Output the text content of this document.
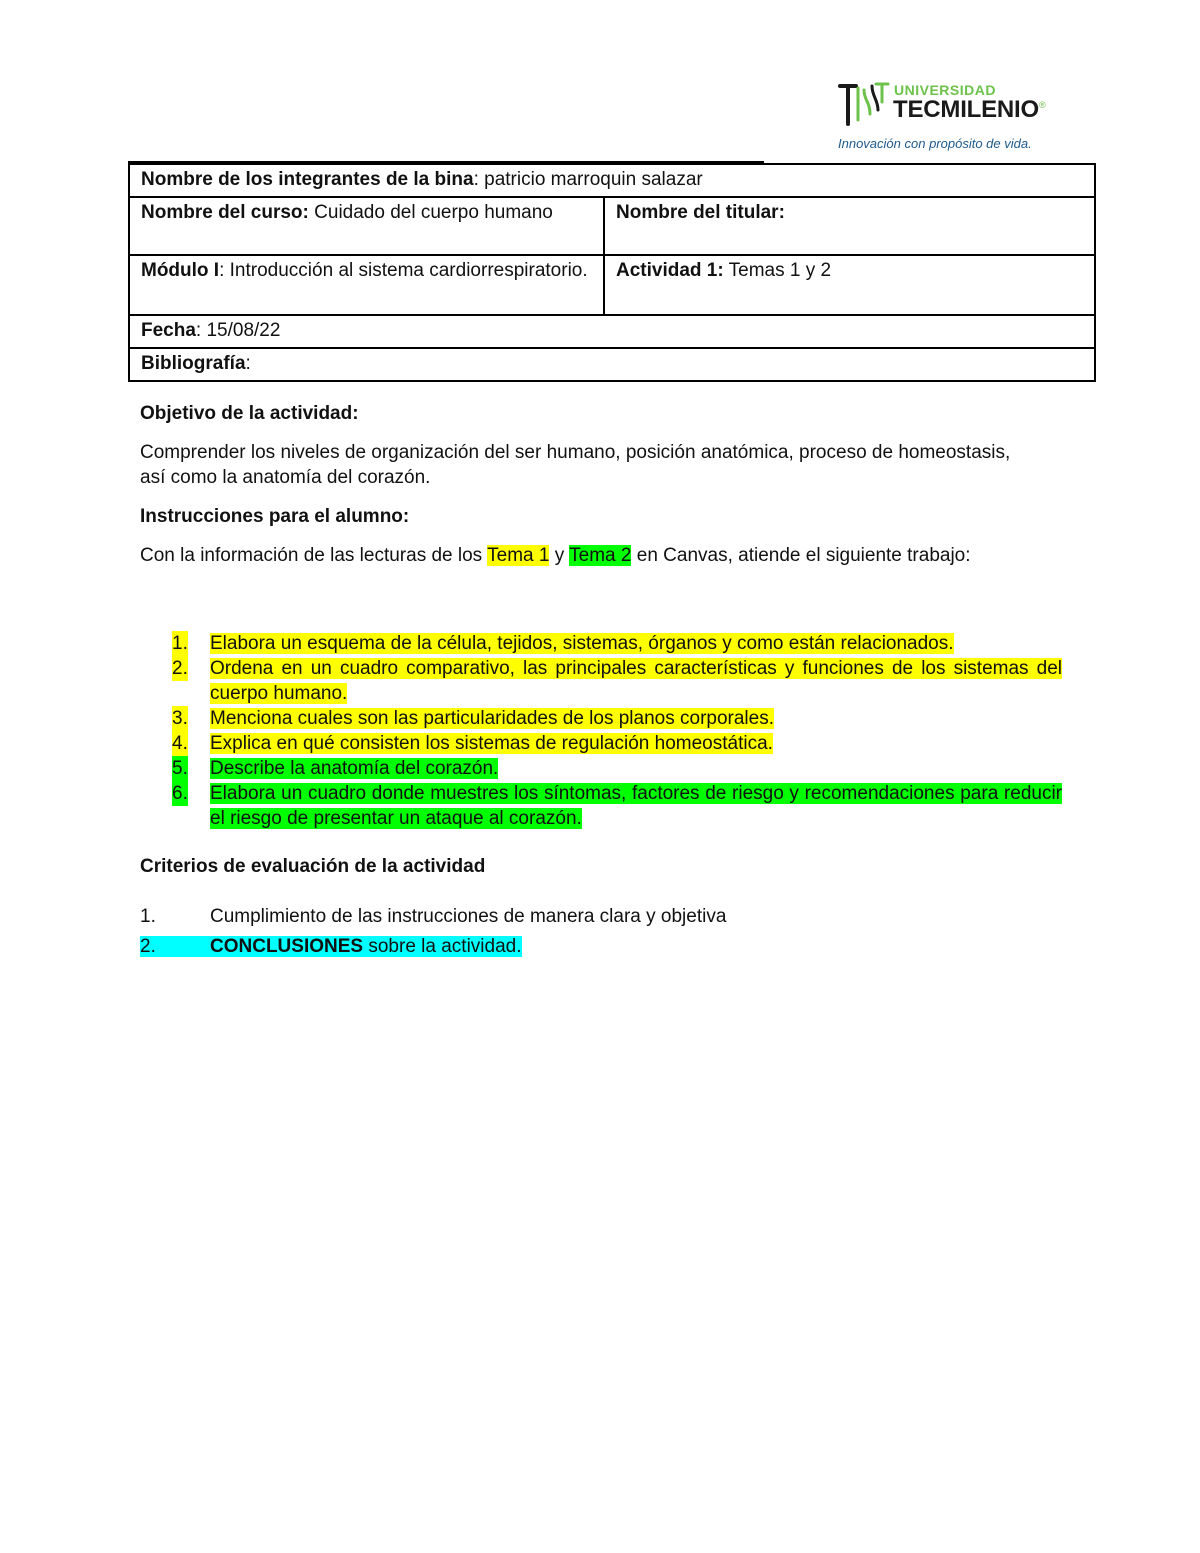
UNIVERSIDAD
TECMILENIO®
Innovación con propósito de vida.
Nombre de los integrantes de la bina: patricio marroquin salazar	
Nombre del curso: Cuidado del cuerpo humano	Nombre del titular:
Módulo I: Introducción al sistema cardiorrespiratorio.	Actividad 1: Temas 1 y 2
Fecha: 15/08/22	
Bibliografía:	
Objetivo de la actividad:
Comprender los niveles de organización del ser humano, posición anatómica, proceso de homeostasis, así como la anatomía del corazón.
Instrucciones para el alumno:
Con la información de las lecturas de los Tema 1 y Tema 2 en Canvas, atiende el siguiente trabajo:
1. Elabora un esquema de la célula, tejidos, sistemas, órganos y como están relacionados.
2. Ordena en un cuadro comparativo, las principales características y funciones de los sistemas del cuerpo humano.
3. Menciona cuales son las particularidades de los planos corporales.
4. Explica en qué consisten los sistemas de regulación homeostática.
5. Describe la anatomía del corazón.
6. Elabora un cuadro donde muestres los síntomas, factores de riesgo y recomendaciones para reducir el riesgo de presentar un ataque al corazón.
Criterios de evaluación de la actividad
1.	Cumplimiento de las instrucciones de manera clara y objetiva
2.	CONCLUSIONES sobre la actividad.
